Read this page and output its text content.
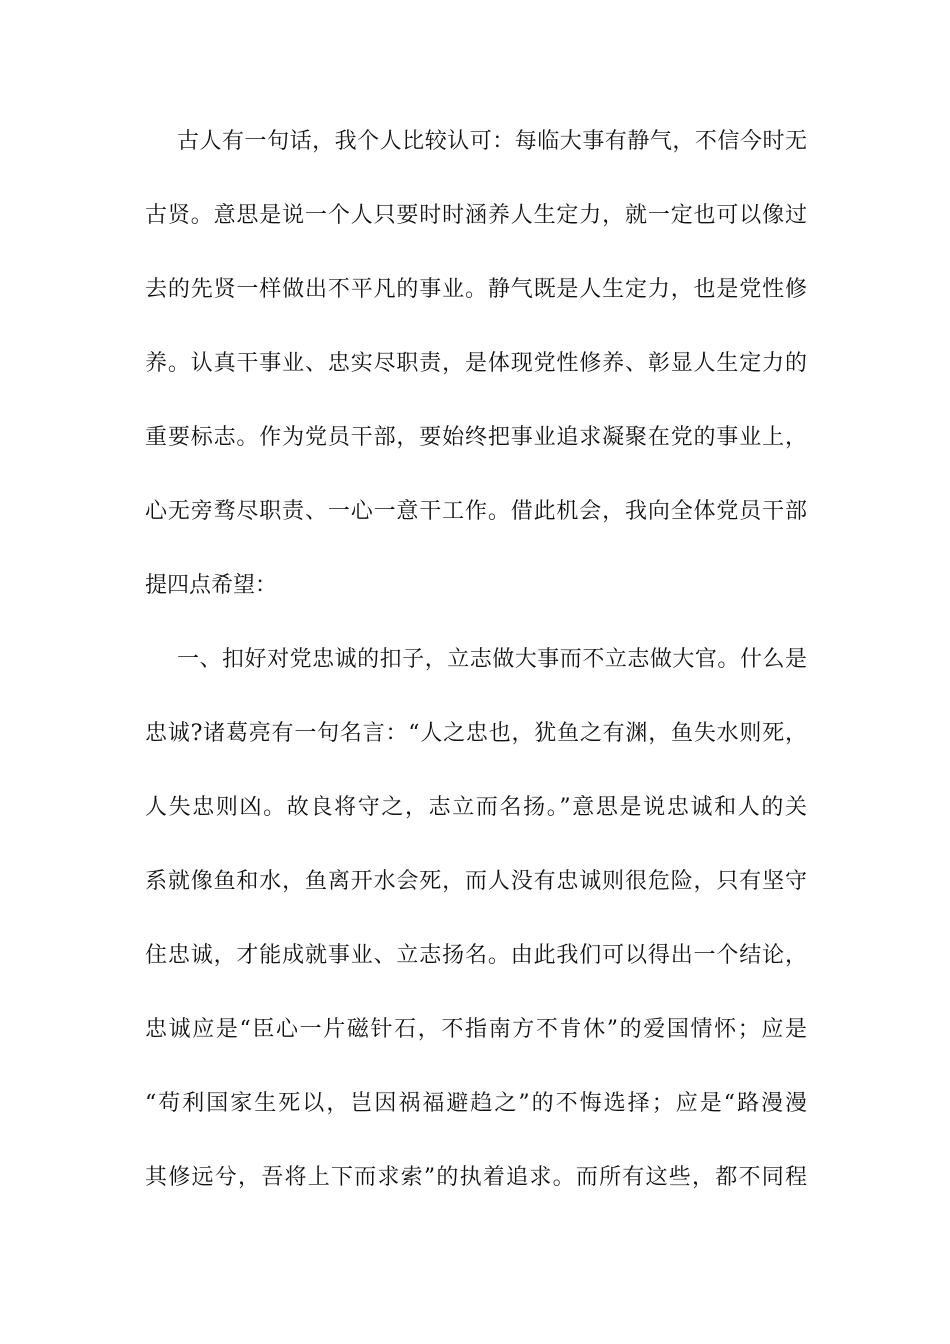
古人有一句话，我个人比较认可：每临大事有静气，不信今时无

古贤。意思是说一个人只要时时涵养人生定力，就一定也可以像过

去的先贤一样做出不平凡的事业。静气既是人生定力，也是党性修

养。认真干事业、忠实尽职责，是体现党性修养、彰显人生定力的

重要标志。作为党员干部，要始终把事业追求凝聚在党的事业上，

心无旁骛尽职责、一心一意干工作。借此机会，我向全体党员干部

提四点希望：

一、扣好对党忠诚的扣子，立志做大事而不立志做大官。什么是

忠诚?诸葛亮有一句名言：“人之忠也，犹鱼之有渊，鱼失水则死，

人失忠则凶。故良将守之，志立而名扬。”意思是说忠诚和人的关

系就像鱼和水，鱼离开水会死，而人没有忠诚则很危险，只有坚守

住忠诚，才能成就事业、立志扬名。由此我们可以得出一个结论，

忠诚应是“臣心一片磁针石，不指南方不肯休”的爱国情怀；应是

“苟利国家生死以，岂因祸福避趋之”的不悔选择；应是“路漫漫

其修远兮，吾将上下而求索”的执着追求。而所有这些，都不同程
